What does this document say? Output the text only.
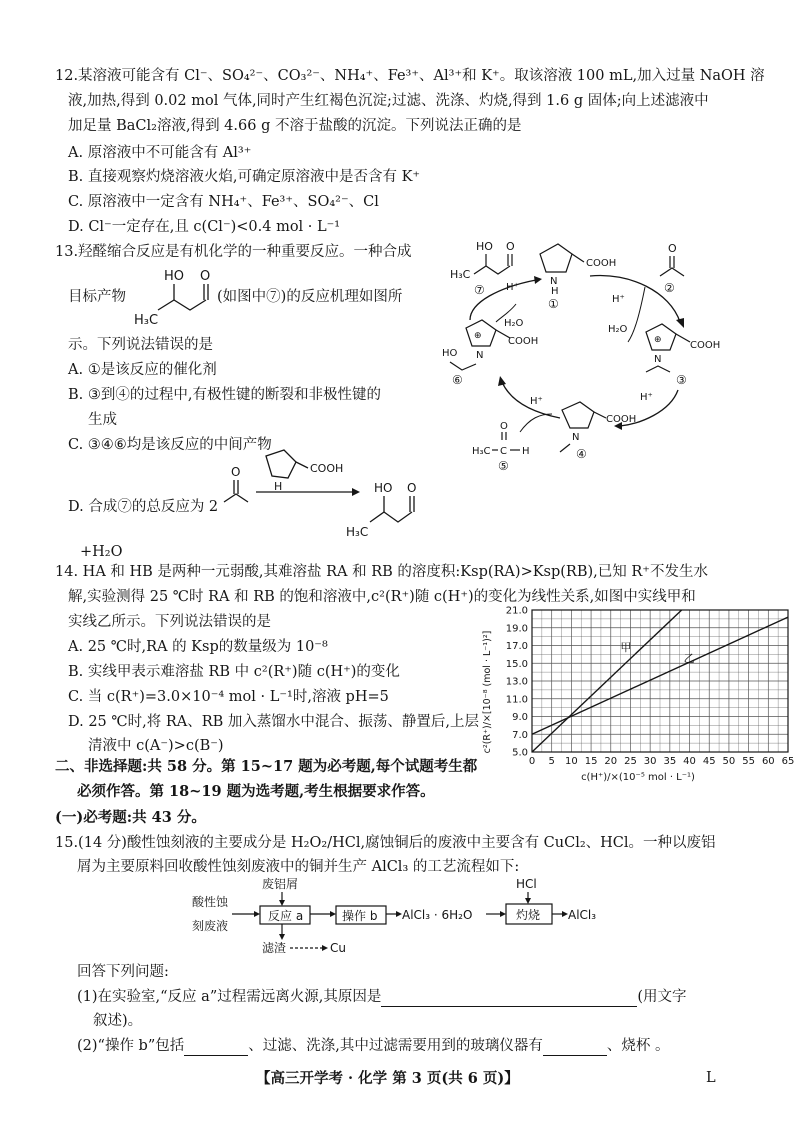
12.某溶液可能含有 Cl⁻、SO₄²⁻、CO₃²⁻、NH₄⁺、Fe³⁺、Al³⁺和 K⁺。取该溶液 100 mL,加入过量 NaOH 溶
液,加热,得到 0.02 mol 气体,同时产生红褐色沉淀;过滤、洗涤、灼烧,得到 1.6 g 固体;向上述滤液中
加足量 BaCl₂溶液,得到 4.66 g 不溶于盐酸的沉淀。下列说法正确的是
A. 原溶液中不可能含有 Al³⁺
B. 直接观察灼烧溶液火焰,可确定原溶液中是否含有 K⁺
C. 原溶液中一定含有 NH₄⁺、Fe³⁺、SO₄²⁻、Cl
D. Cl⁻一定存在,且 c(Cl⁻)<0.4 mol · L⁻¹
13.羟醛缩合反应是有机化学的一种重要反应。一种合成
目标产物	(如图中⑦)的反应机理如图所
HO O
H₃C
示。下列说法错误的是
A. ①是该反应的催化剂
B. ③到④的过程中,有极性键的断裂和非极性键的
生成
C. ③④⑥均是该反应的中间产物
D. 合成⑦的总反应为 2
O	COOH
H	HO O
H₃C
+H₂O
HO O
H₃C
⑦
COOH
N
H
①
O
②
H⁺
H₂O
⊕	COOH
N
③
H⁺
COOH
N
④
H⁺
H₃C C H
O
⑤
⊕	COOH
N
HO
⑥
H⁺
H₂O
14. HA 和 HB 是两种一元弱酸,其难溶盐 RA 和 RB 的溶度积:Ksp(RA)>Ksp(RB),已知 R⁺不发生水
解,实验测得 25 ℃时 RA 和 RB 的饱和溶液中,c²(R⁺)随 c(H⁺)的变化为线性关系,如图中实线甲和
实线乙所示。下列说法错误的是
A. 25 ℃时,RA 的 Ksp的数量级为 10⁻⁸
B. 实线甲表示难溶盐 RB 中 c²(R⁺)随 c(H⁺)的变化
C. 当 c(R⁺)=3.0×10⁻⁴ mol · L⁻¹时,溶液 pH=5
D. 25 ℃时,将 RA、RB 加入蒸馏水中混合、振荡、静置后,上层
清液中 c(A⁻)>c(B⁻)
甲
乙
0 5 10 15 20 25 30 35 40 45 50 55 60 65
5.0
7.0
9.0
11.0
13.0
15.0
17.0
19.0
21.0
c(H⁺)/×(10⁻⁵ mol · L⁻¹)
c²(R⁺)/×[10⁻⁸ (mol · L⁻¹)²]
二、非选择题:共 58 分。第 15~17 题为必考题,每个试题考生都
必须作答。第 18~19 题为选考题,考生根据要求作答。
(一)必考题:共 43 分。
15.(14 分)酸性蚀刻液的主要成分是 H₂O₂/HCl,腐蚀铜后的废液中主要含有 CuCl₂、HCl。一种以废铝
屑为主要原料回收酸性蚀刻废液中的铜并生产 AlCl₃ 的工艺流程如下:
酸性蚀
刻废液
废铝屑
反应 a
滤渣	Cu
操作 b AlCl₃ · 6H₂O
HCl
灼烧 AlCl₃
回答下列问题:
(1)在实验室,“反应 a”过程需远离火源,其原因是	(用文字
叙述)。
(2)“操作 b”包括	、过滤、洗涤,其中过滤需要用到的玻璃仪器有	、烧杯 。
【高三开学考 · 化学 第 3 页(共 6 页)】	L
